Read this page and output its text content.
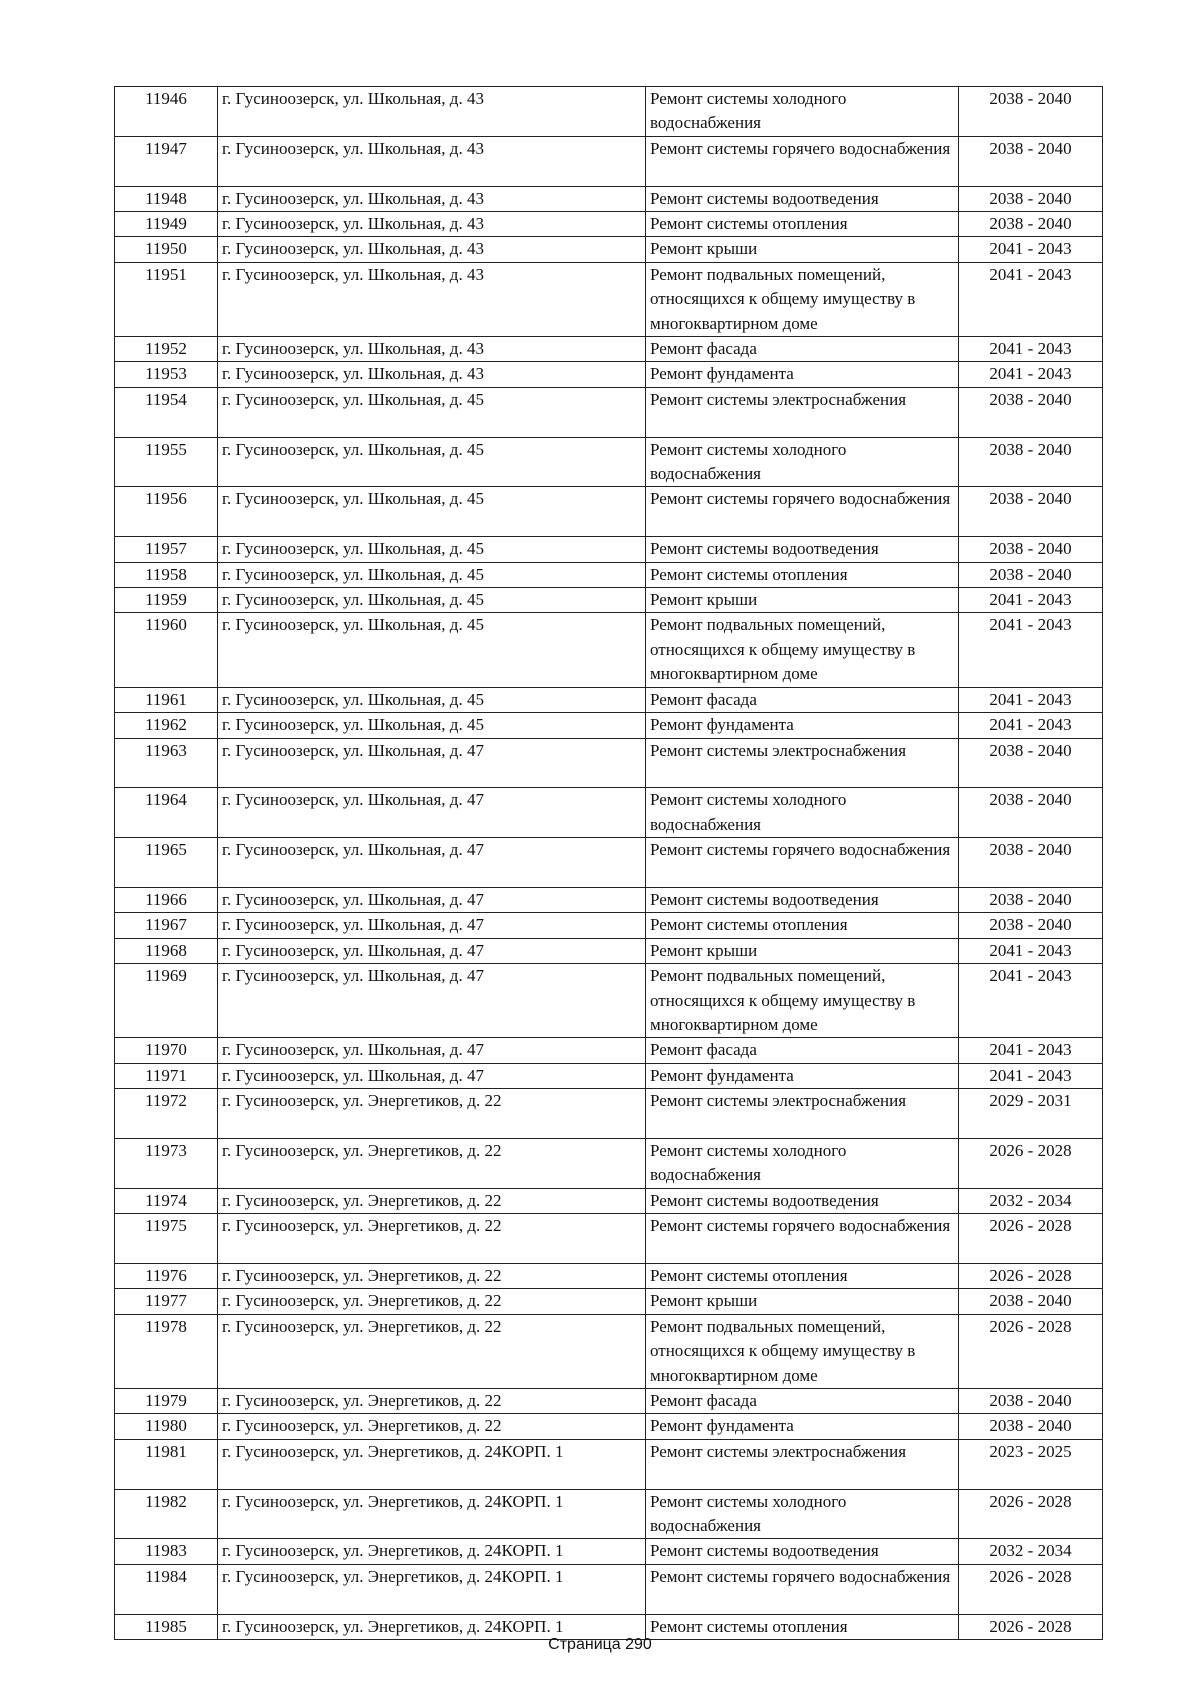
11946	г. Гусиноозерск, ул. Школьная, д. 43	Ремонт системы холодного водоснабжения	2038 - 2040
11947	г. Гусиноозерск, ул. Школьная, д. 43	Ремонт системы горячего водоснабжения	2038 - 2040
11948	г. Гусиноозерск, ул. Школьная, д. 43	Ремонт системы водоотведения	2038 - 2040
11949	г. Гусиноозерск, ул. Школьная, д. 43	Ремонт системы отопления	2038 - 2040
11950	г. Гусиноозерск, ул. Школьная, д. 43	Ремонт крыши	2041 - 2043
11951	г. Гусиноозерск, ул. Школьная, д. 43	Ремонт подвальных помещений, относящихся к общему имуществу в многоквартирном доме	2041 - 2043
11952	г. Гусиноозерск, ул. Школьная, д. 43	Ремонт фасада	2041 - 2043
11953	г. Гусиноозерск, ул. Школьная, д. 43	Ремонт фундамента	2041 - 2043
11954	г. Гусиноозерск, ул. Школьная, д. 45	Ремонт системы электроснабжения	2038 - 2040
11955	г. Гусиноозерск, ул. Школьная, д. 45	Ремонт системы холодного водоснабжения	2038 - 2040
11956	г. Гусиноозерск, ул. Школьная, д. 45	Ремонт системы горячего водоснабжения	2038 - 2040
11957	г. Гусиноозерск, ул. Школьная, д. 45	Ремонт системы водоотведения	2038 - 2040
11958	г. Гусиноозерск, ул. Школьная, д. 45	Ремонт системы отопления	2038 - 2040
11959	г. Гусиноозерск, ул. Школьная, д. 45	Ремонт крыши	2041 - 2043
11960	г. Гусиноозерск, ул. Школьная, д. 45	Ремонт подвальных помещений, относящихся к общему имуществу в многоквартирном доме	2041 - 2043
11961	г. Гусиноозерск, ул. Школьная, д. 45	Ремонт фасада	2041 - 2043
11962	г. Гусиноозерск, ул. Школьная, д. 45	Ремонт фундамента	2041 - 2043
11963	г. Гусиноозерск, ул. Школьная, д. 47	Ремонт системы электроснабжения	2038 - 2040
11964	г. Гусиноозерск, ул. Школьная, д. 47	Ремонт системы холодного водоснабжения	2038 - 2040
11965	г. Гусиноозерск, ул. Школьная, д. 47	Ремонт системы горячего водоснабжения	2038 - 2040
11966	г. Гусиноозерск, ул. Школьная, д. 47	Ремонт системы водоотведения	2038 - 2040
11967	г. Гусиноозерск, ул. Школьная, д. 47	Ремонт системы отопления	2038 - 2040
11968	г. Гусиноозерск, ул. Школьная, д. 47	Ремонт крыши	2041 - 2043
11969	г. Гусиноозерск, ул. Школьная, д. 47	Ремонт подвальных помещений, относящихся к общему имуществу в многоквартирном доме	2041 - 2043
11970	г. Гусиноозерск, ул. Школьная, д. 47	Ремонт фасада	2041 - 2043
11971	г. Гусиноозерск, ул. Школьная, д. 47	Ремонт фундамента	2041 - 2043
11972	г. Гусиноозерск, ул. Энергетиков, д. 22	Ремонт системы электроснабжения	2029 - 2031
11973	г. Гусиноозерск, ул. Энергетиков, д. 22	Ремонт системы холодного водоснабжения	2026 - 2028
11974	г. Гусиноозерск, ул. Энергетиков, д. 22	Ремонт системы водоотведения	2032 - 2034
11975	г. Гусиноозерск, ул. Энергетиков, д. 22	Ремонт системы горячего водоснабжения	2026 - 2028
11976	г. Гусиноозерск, ул. Энергетиков, д. 22	Ремонт системы отопления	2026 - 2028
11977	г. Гусиноозерск, ул. Энергетиков, д. 22	Ремонт крыши	2038 - 2040
11978	г. Гусиноозерск, ул. Энергетиков, д. 22	Ремонт подвальных помещений, относящихся к общему имуществу в многоквартирном доме	2026 - 2028
11979	г. Гусиноозерск, ул. Энергетиков, д. 22	Ремонт фасада	2038 - 2040
11980	г. Гусиноозерск, ул. Энергетиков, д. 22	Ремонт фундамента	2038 - 2040
11981	г. Гусиноозерск, ул. Энергетиков, д. 24КОРП. 1	Ремонт системы электроснабжения	2023 - 2025
11982	г. Гусиноозерск, ул. Энергетиков, д. 24КОРП. 1	Ремонт системы холодного водоснабжения	2026 - 2028
11983	г. Гусиноозерск, ул. Энергетиков, д. 24КОРП. 1	Ремонт системы водоотведения	2032 - 2034
11984	г. Гусиноозерск, ул. Энергетиков, д. 24КОРП. 1	Ремонт системы горячего водоснабжения	2026 - 2028
11985	г. Гусиноозерск, ул. Энергетиков, д. 24КОРП. 1	Ремонт системы отопления	2026 - 2028
Страница 290
